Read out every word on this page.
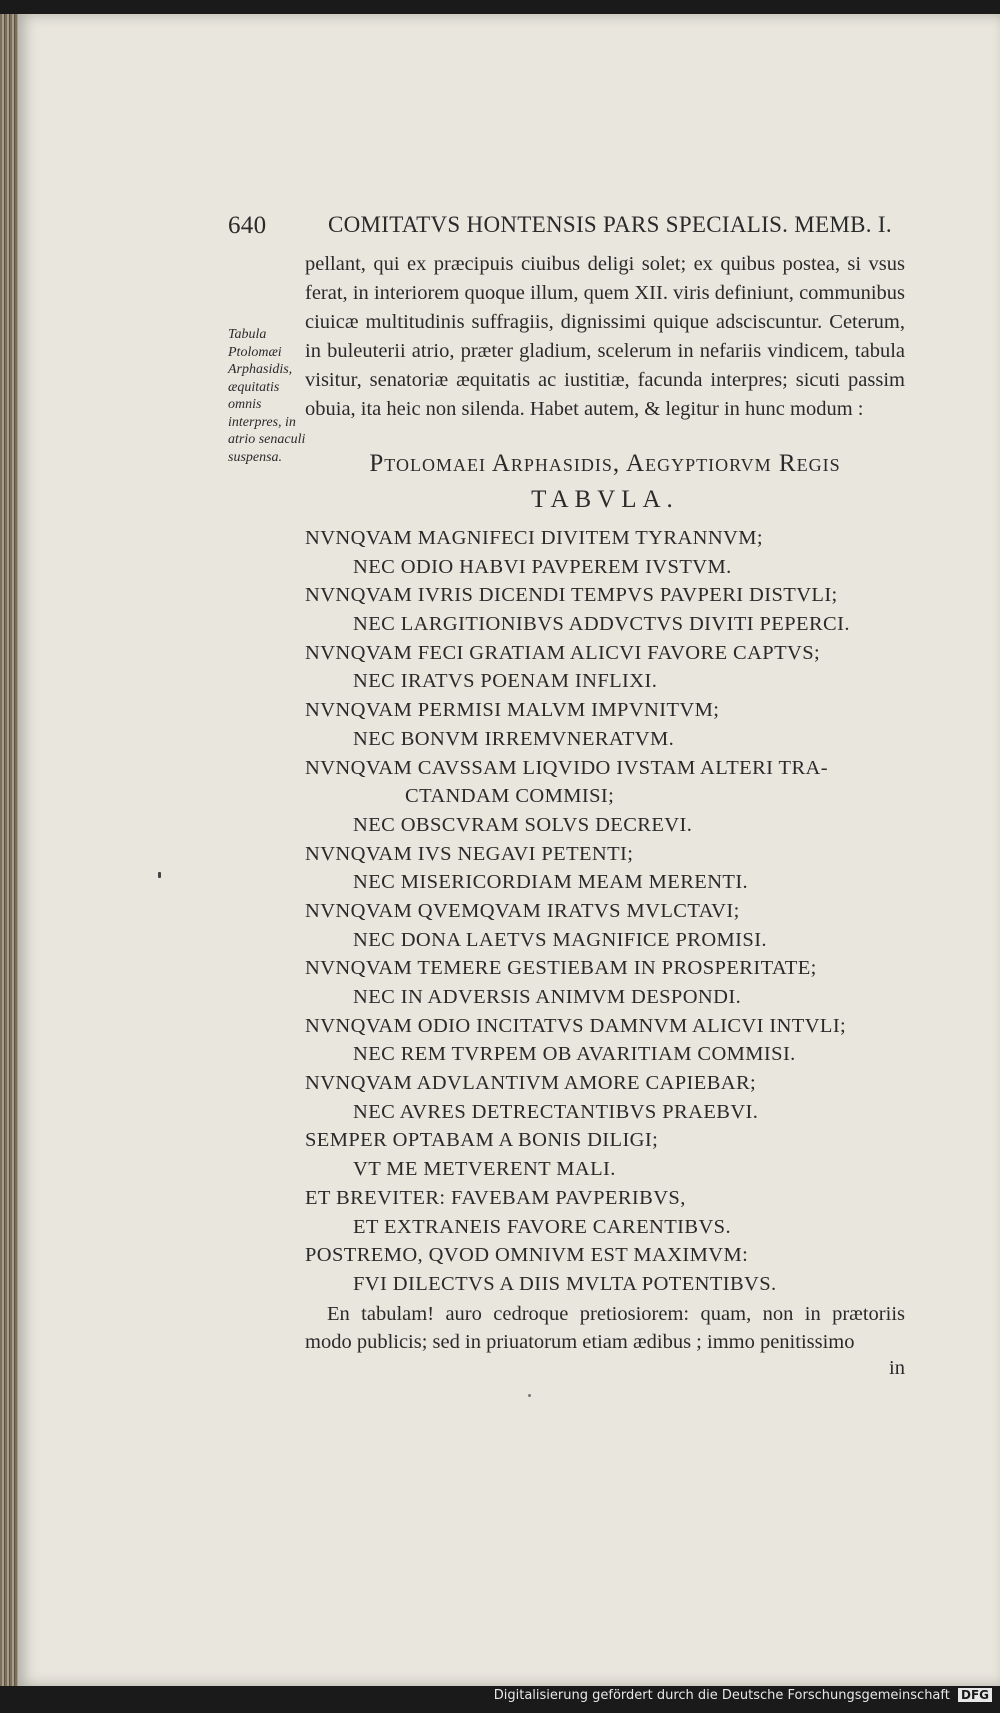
640	COMITATVS HONTENSIS PARS SPECIALIS. MEMB. I.
Tabula Ptolomæi Arphasidis, æquitatis omnis interpres, in atrio senaculi suspensa.

pellant, qui ex præcipuis ciuibus deligi solet; ex quibus postea, si vsus ferat, in interiorem quoque illum, quem XII. viris definiunt, communibus ciuicæ multitudinis suffragiis, dignissimi quique adsciscuntur. Ceterum, in buleuterii atrio, præter gladium, scelerum in nefariis vindicem, tabula visitur, senatoriæ æquitatis ac iustitiæ, facunda interpres; sicuti passim obuia, ita heic non silenda. Habet autem, & legitur in hunc modum :

Ptolomaei Arphasidis, Aegyptiorvm Regis
TABVLA.
NVNQVAM MAGNIFECI DIVITEM TYRANNVM;
NEC ODIO HABVI PAVPEREM IVSTVM.
NVNQVAM IVRIS DICENDI TEMPVS PAVPERI DISTVLI;
NEC LARGITIONIBVS ADDVCTVS DIVITI PEPERCI.
NVNQVAM FECI GRATIAM ALICVI FAVORE CAPTVS;
NEC IRATVS POENAM INFLIXI.
NVNQVAM PERMISI MALVM IMPVNITVM;
NEC BONVM IRREMVNERATVM.
NVNQVAM CAVSSAM LIQVIDO IVSTAM ALTERI TRA-
CTANDAM COMMISI;
NEC OBSCVRAM SOLVS DECREVI.
NVNQVAM IVS NEGAVI PETENTI;
NEC MISERICORDIAM MEAM MERENTI.
NVNQVAM QVEMQVAM IRATVS MVLCTAVI;
NEC DONA LAETVS MAGNIFICE PROMISI.
NVNQVAM TEMERE GESTIEBAM IN PROSPERITATE;
NEC IN ADVERSIS ANIMVM DESPONDI.
NVNQVAM ODIO INCITATVS DAMNVM ALICVI INTVLI;
NEC REM TVRPEM OB AVARITIAM COMMISI.
NVNQVAM ADVLANTIVM AMORE CAPIEBAR;
NEC AVRES DETRECTANTIBVS PRAEBVI.
SEMPER OPTABAM A BONIS DILIGI;
VT ME METVERENT MALI.
ET BREVITER: FAVEBAM PAVPERIBVS,
ET EXTRANEIS FAVORE CARENTIBVS.
POSTREMO, QVOD OMNIVM EST MAXIMVM:
FVI DILECTVS A DIIS MVLTA POTENTIBVS.

En tabulam! auro cedroque pretiosiorem: quam, non in prætoriis modo publicis; sed in priuatorum etiam ædibus ; immo penitissimo

in
Digitalisierung gefördert durch die Deutsche Forschungsgemeinschaft DFG
